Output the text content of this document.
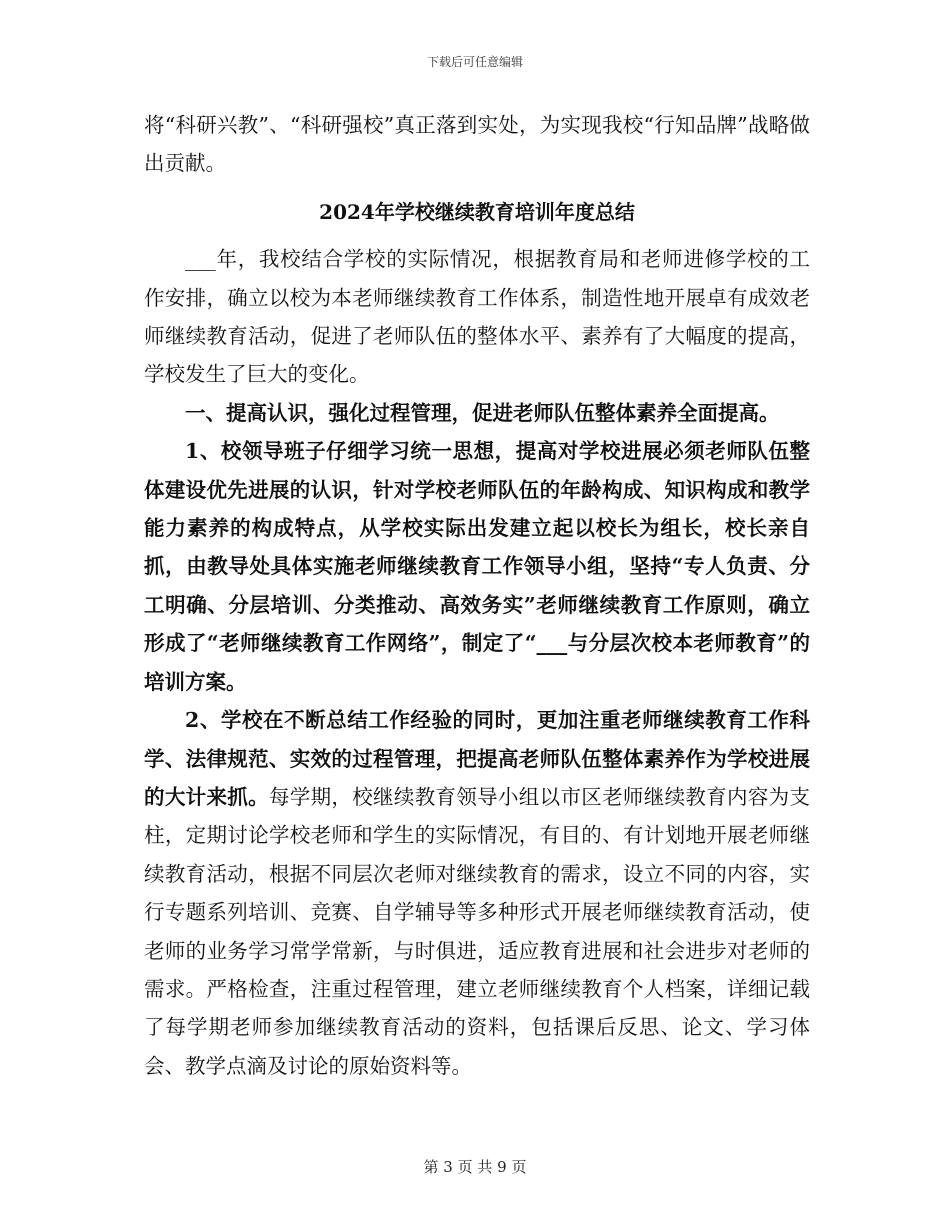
下载后可任意编辑

将“科研兴教”、“科研强校”真正落到实处，为实现我校“行知品牌”战略做出贡献。

2024年学校继续教育培训年度总结

___年，我校结合学校的实际情况，根据教育局和老师进修学校的工作安排，确立以校为本老师继续教育工作体系，制造性地开展卓有成效老师继续教育活动，促进了老师队伍的整体水平、素养有了大幅度的提高，学校发生了巨大的变化。

一、提高认识，强化过程管理，促进老师队伍整体素养全面提高。

1、校领导班子仔细学习统一思想，提高对学校进展必须老师队伍整体建设优先进展的认识，针对学校老师队伍的年龄构成、知识构成和教学能力素养的构成特点，从学校实际出发建立起以校长为组长，校长亲自抓，由教导处具体实施老师继续教育工作领导小组，坚持“专人负责、分工明确、分层培训、分类推动、高效务实”老师继续教育工作原则，确立形成了“老师继续教育工作网络”，制定了“___与分层次校本老师教育”的培训方案。

2、学校在不断总结工作经验的同时，更加注重老师继续教育工作科学、法律规范、实效的过程管理，把提高老师队伍整体素养作为学校进展的大计来抓。每学期，校继续教育领导小组以市区老师继续教育内容为支柱，定期讨论学校老师和学生的实际情况，有目的、有计划地开展老师继续教育活动，根据不同层次老师对继续教育的需求，设立不同的内容，实行专题系列培训、竞赛、自学辅导等多种形式开展老师继续教育活动，使老师的业务学习常学常新，与时俱进，适应教育进展和社会进步对老师的需求。严格检查，注重过程管理，建立老师继续教育个人档案，详细记载了每学期老师参加继续教育活动的资料，包括课后反思、论文、学习体会、教学点滴及讨论的原始资料等。

第 3 页 共 9 页
